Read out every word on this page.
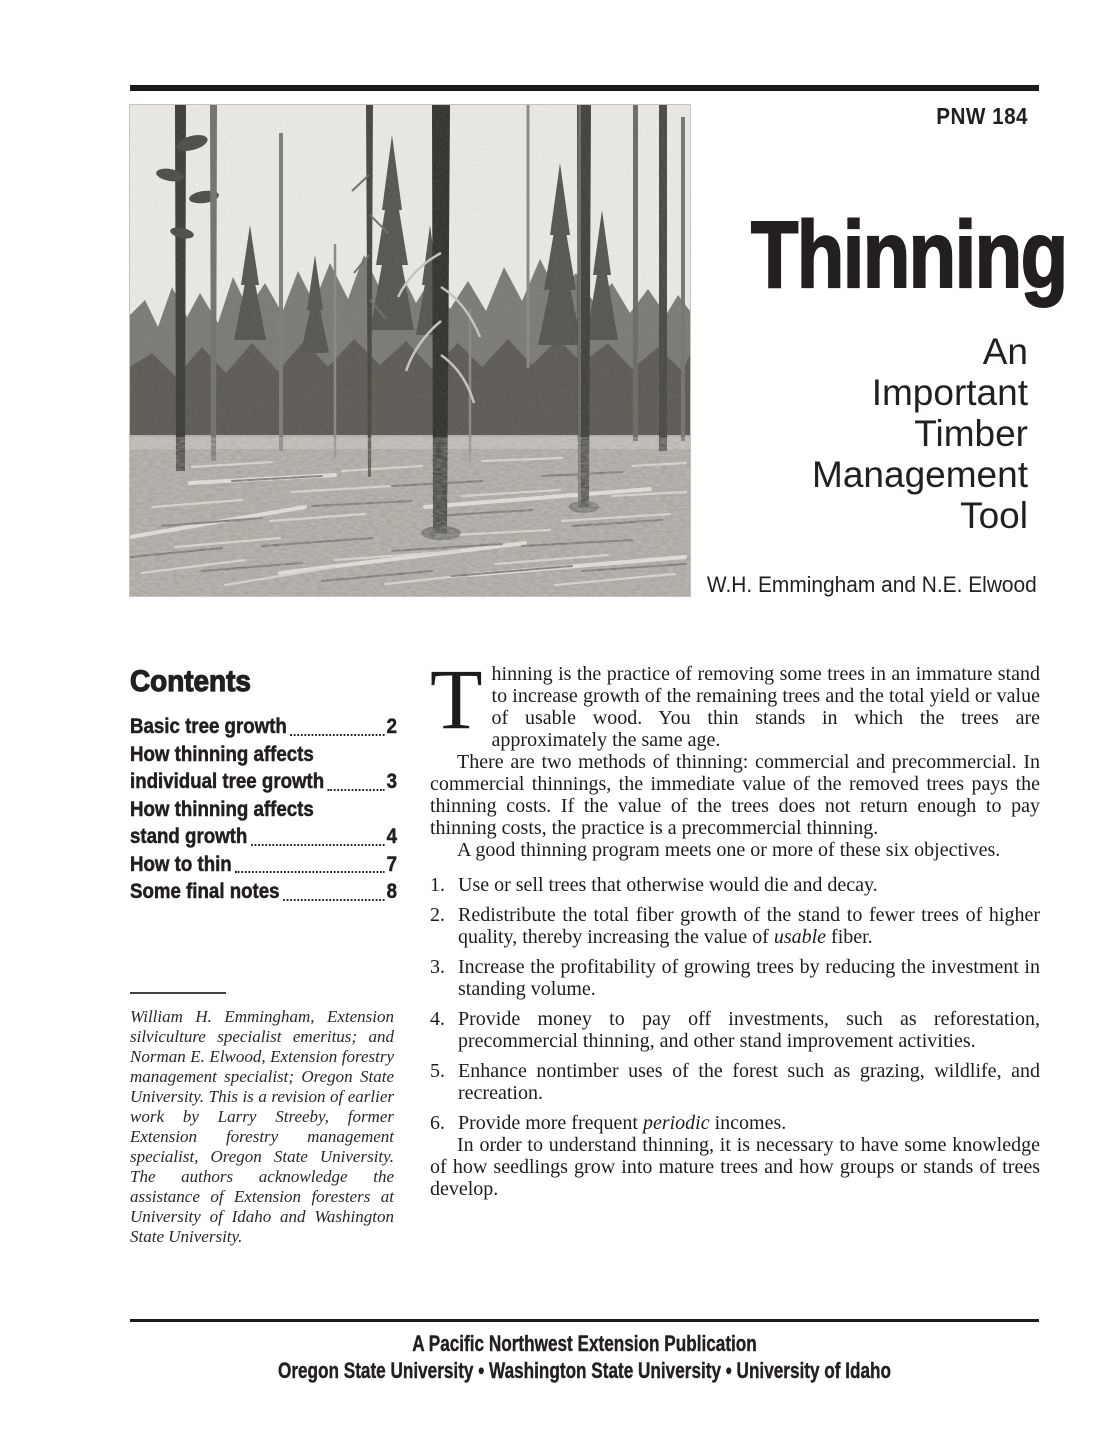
PNW 184
Thinning
An
Important
Timber
Management
Tool
W.H. Emmingham and N.E. Elwood
Contents
Basic tree growth	2
How thinning affects
individual tree growth	3
How thinning affects
stand growth	4
How to thin	7
Some final notes	8

Thinning is the practice of removing some trees in an immature stand to increase growth of the remaining trees and the total yield or value of usable wood. You thin stands in which the trees are approximately the same age.

There are two methods of thinning: commercial and precommercial. In commercial thinnings, the immediate value of the removed trees pays the thinning costs. If the value of the trees does not return enough to pay thinning costs, the practice is a precommercial thinning.

A good thinning program meets one or more of these six objectives.

1. Use or sell trees that otherwise would die and decay.
2. Redistribute the total fiber growth of the stand to fewer trees of higher quality, thereby increasing the value of usable fiber.
3. Increase the profitability of growing trees by reducing the investment in standing volume.
4. Provide money to pay off investments, such as reforestation, precommercial thinning, and other stand improvement activities.
5. Enhance nontimber uses of the forest such as grazing, wildlife, and recreation.
6. Provide more frequent periodic incomes.

In order to understand thinning, it is necessary to have some knowledge of how seedlings grow into mature trees and how groups or stands of trees develop.

William H. Emmingham, Extension silviculture specialist emeritus; and Norman E. Elwood, Extension forestry management specialist; Oregon State University. This is a revision of earlier work by Larry Streeby, former Extension forestry management specialist, Oregon State University. The authors acknowledge the assistance of Extension foresters at University of Idaho and Washington State University.
A Pacific Northwest Extension Publication
Oregon State University • Washington State University • University of Idaho
